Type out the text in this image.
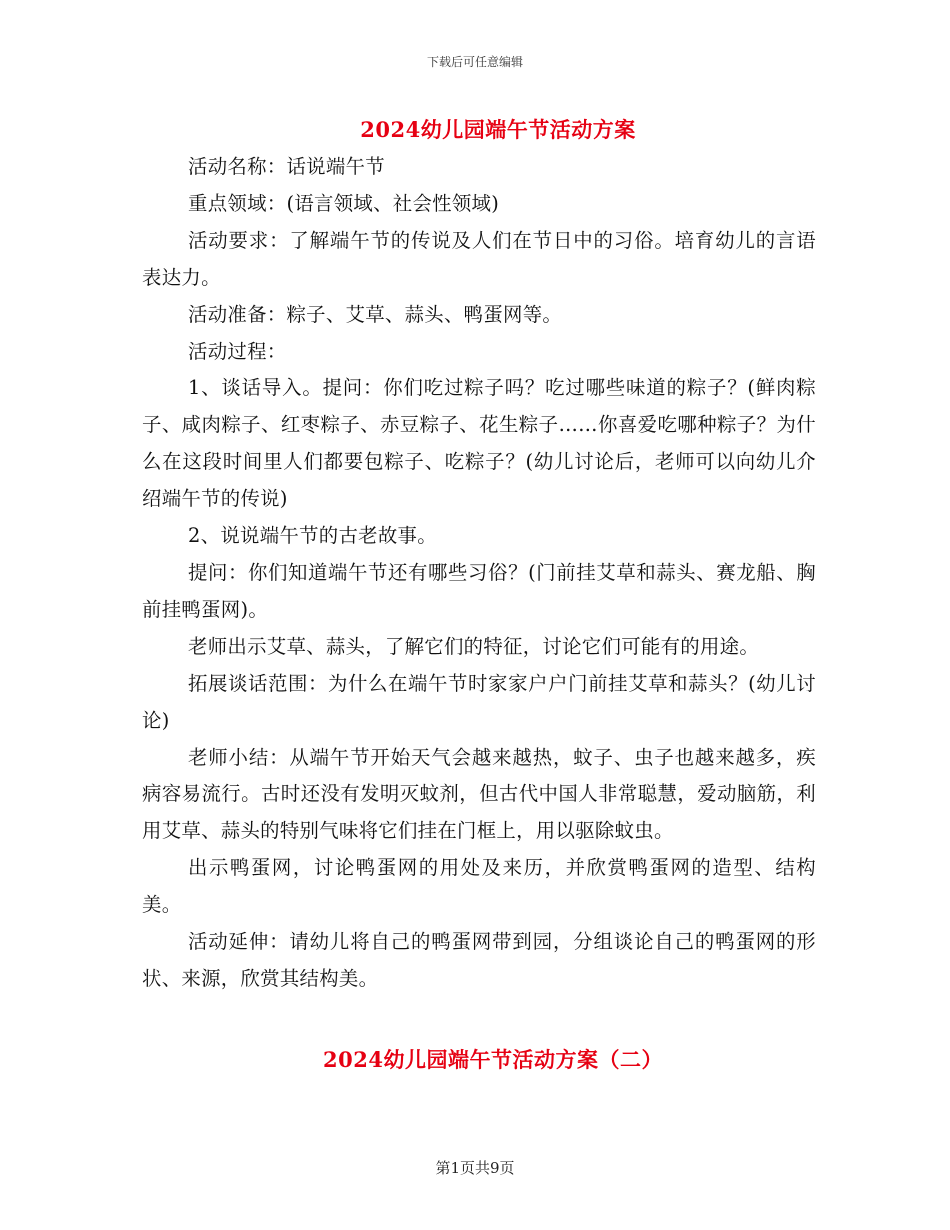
下载后可任意编辑
2024幼儿园端午节活动方案

活动名称：话说端午节

重点领域：(语言领域、社会性领域)

活动要求：了解端午节的传说及人们在节日中的习俗。培育幼儿的言语表达力。

活动准备：粽子、艾草、蒜头、鸭蛋网等。

活动过程：

1、谈话导入。提问：你们吃过粽子吗？吃过哪些味道的粽子？(鲜肉粽子、咸肉粽子、红枣粽子、赤豆粽子、花生粽子……你喜爱吃哪种粽子？为什么在这段时间里人们都要包粽子、吃粽子？(幼儿讨论后，老师可以向幼儿介绍端午节的传说)

2、说说端午节的古老故事。

提问：你们知道端午节还有哪些习俗？(门前挂艾草和蒜头、赛龙船、胸前挂鸭蛋网)。

老师出示艾草、蒜头，了解它们的特征，讨论它们可能有的用途。

拓展谈话范围：为什么在端午节时家家户户门前挂艾草和蒜头？(幼儿讨论)

老师小结：从端午节开始天气会越来越热，蚊子、虫子也越来越多，疾病容易流行。古时还没有发明灭蚊剂，但古代中国人非常聪慧，爱动脑筋，利用艾草、蒜头的特别气味将它们挂在门框上，用以驱除蚊虫。

出示鸭蛋网，讨论鸭蛋网的用处及来历，并欣赏鸭蛋网的造型、结构美。

活动延伸：请幼儿将自己的鸭蛋网带到园，分组谈论自己的鸭蛋网的形状、来源，欣赏其结构美。

2024幼儿园端午节活动方案（二）
第1页共9页
